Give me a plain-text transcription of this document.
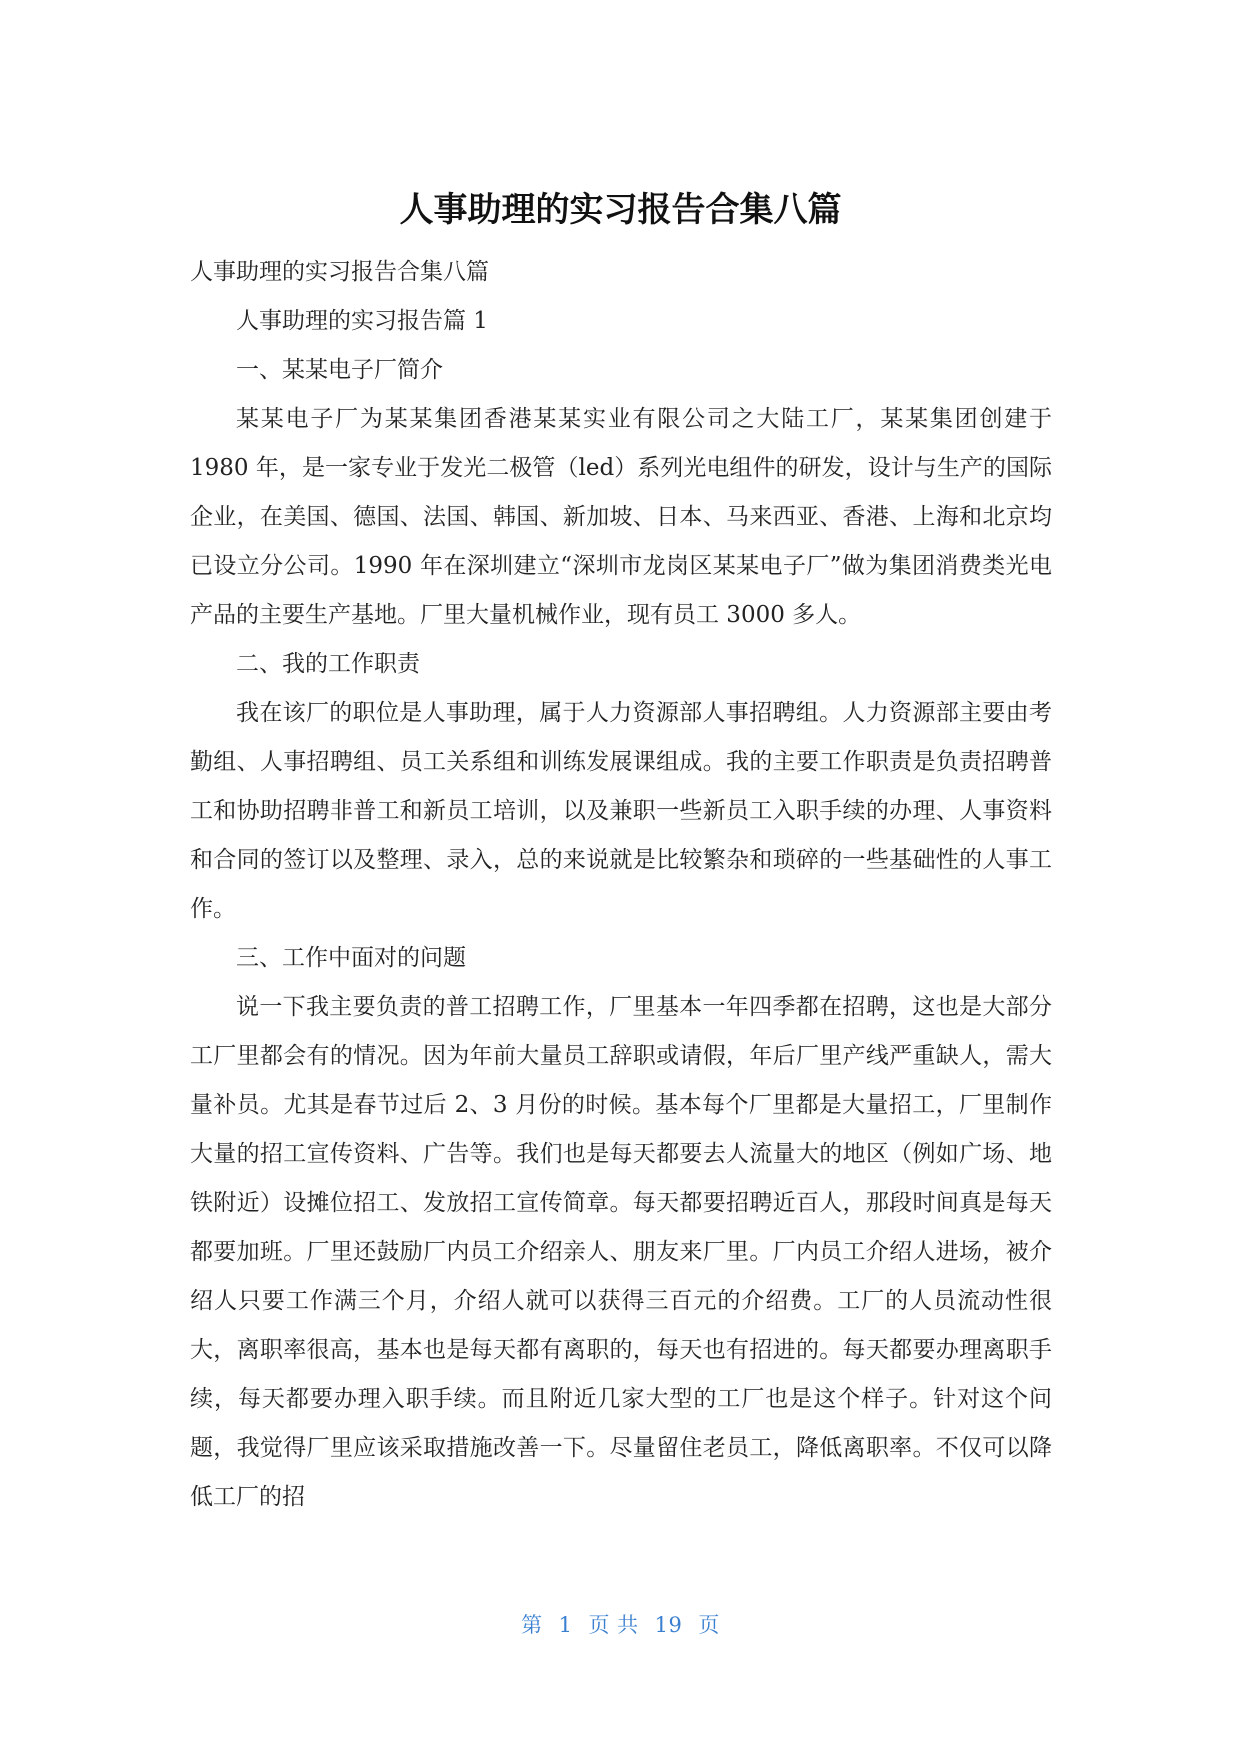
人事助理的实习报告合集八篇

人事助理的实习报告合集八篇

人事助理的实习报告篇 1

一、某某电子厂简介

某某电子厂为某某集团香港某某实业有限公司之大陆工厂，某某集团创建于 1980 年，是一家专业于发光二极管（led）系列光电组件的研发，设计与生产的国际企业，在美国、德国、法国、韩国、新加坡、日本、马来西亚、香港、上海和北京均已设立分公司。1990 年在深圳建立“深圳市龙岗区某某电子厂”做为集团消费类光电产品的主要生产基地。厂里大量机械作业，现有员工 3000 多人。

二、我的工作职责

我在该厂的职位是人事助理，属于人力资源部人事招聘组。人力资源部主要由考勤组、人事招聘组、员工关系组和训练发展课组成。我的主要工作职责是负责招聘普工和协助招聘非普工和新员工培训，以及兼职一些新员工入职手续的办理、人事资料和合同的签订以及整理、录入，总的来说就是比较繁杂和琐碎的一些基础性的人事工作。

三、工作中面对的问题

说一下我主要负责的普工招聘工作，厂里基本一年四季都在招聘，这也是大部分工厂里都会有的情况。因为年前大量员工辞职或请假，年后厂里产线严重缺人，需大量补员。尤其是春节过后 2、3 月份的时候。基本每个厂里都是大量招工，厂里制作大量的招工宣传资料、广告等。我们也是每天都要去人流量大的地区（例如广场、地铁附近）设摊位招工、发放招工宣传简章。每天都要招聘近百人，那段时间真是每天都要加班。厂里还鼓励厂内员工介绍亲人、朋友来厂里。厂内员工介绍人进场，被介绍人只要工作满三个月，介绍人就可以获得三百元的介绍费。工厂的人员流动性很大，离职率很高，基本也是每天都有离职的，每天也有招进的。每天都要办理离职手续，每天都要办理入职手续。而且附近几家大型的工厂也是这个样子。针对这个问题，我觉得厂里应该采取措施改善一下。尽量留住老员工，降低离职率。不仅可以降低工厂的招

第 1 页 共 19 页
